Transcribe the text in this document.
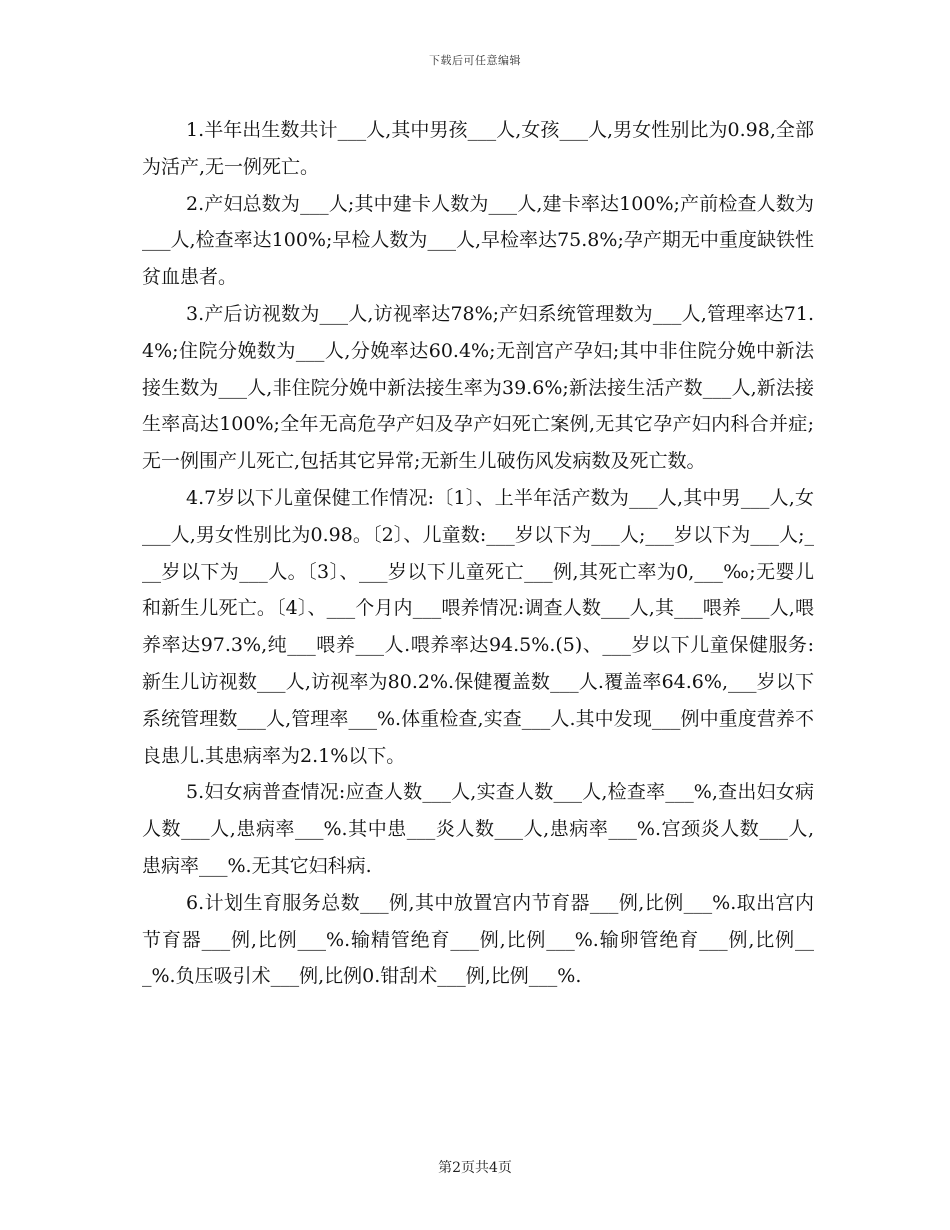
下载后可任意编辑

1.半年出生数共计___人,其中男孩___人,女孩___人,男女性别比为0.98,全部为活产,无一例死亡。

2.产妇总数为___人;其中建卡人数为___人,建卡率达100%;产前检查人数为___人,检查率达100%;早检人数为___人,早检率达75.8%;孕产期无中重度缺铁性贫血患者。

3.产后访视数为___人,访视率达78%;产妇系统管理数为___人,管理率达71.4%;住院分娩数为___人,分娩率达60.4%;无剖宫产孕妇;其中非住院分娩中新法接生数为___人,非住院分娩中新法接生率为39.6%;新法接生活产数___人,新法接生率高达100%;全年无高危孕产妇及孕产妇死亡案例,无其它孕产妇内科合并症;无一例围产儿死亡,包括其它异常;无新生儿破伤风发病数及死亡数。

4.7岁以下儿童保健工作情况:〔1〕、上半年活产数为___人,其中男___人,女___人,男女性别比为0.98。〔2〕、儿童数:___岁以下为___人;___岁以下为___人;___岁以下为___人。〔3〕、___岁以下儿童死亡___例,其死亡率为0,___‰;无婴儿和新生儿死亡。〔4〕、___个月内___喂养情况:调查人数___人,其___喂养___人,喂养率达97.3%,纯___喂养___人.喂养率达94.5%.(5)、___岁以下儿童保健服务:新生儿访视数___人,访视率为80.2%.保健覆盖数___人.覆盖率64.6%,___岁以下系统管理数___人,管理率___%.体重检查,实查___人.其中发现___例中重度营养不良患儿.其患病率为2.1%以下。

5.妇女病普查情况:应查人数___人,实查人数___人,检查率___%,查出妇女病人数___人,患病率___%.其中患___炎人数___人,患病率___%.宫颈炎人数___人,患病率___%.无其它妇科病.

6.计划生育服务总数___例,其中放置宫内节育器___例,比例___%.取出宫内节育器___例,比例___%.输精管绝育___例,比例___%.输卵管绝育___例,比例___%.负压吸引术___例,比例0.钳刮术___例,比例___%.

第2页共4页
